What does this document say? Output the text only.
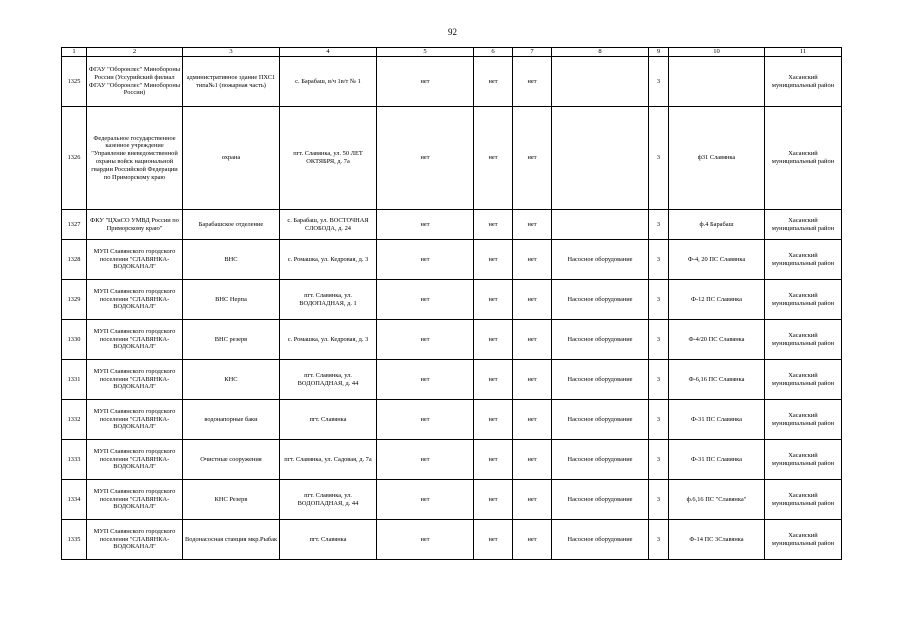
92
1	2	3	4	5	6	7	8	9	10	11
1325	ФГАУ "Оборонлес" Минобороны России (Уссурийский филиал ФГАУ "Оборонлес" Минобороны России)	административное здание ПХС1 типа№1 (пожарная часть)	с. Барабаш, в/ч 1в/т № 1	нет	нет	нет		3		Хасанский муниципальный район
1326	Федеральное государственное казенное учреждение "Управление вневедомственной охраны войск национальной гвардии Российской Федерации по Приморскому краю	охрана	пгт. Славянка, ул. 50 ЛЕТ ОКТЯБРЯ, д. 7а	нет	нет	нет		3	ф31 Славянка	Хасанский муниципальный район
1327	ФКУ "ЦХиСО УМВД России по Приморскому краю"	Барабашское отделение	с. Барабаш, ул. ВОСТОЧНАЯ СЛОБОДА, д. 24	нет	нет	нет		3	ф.4 Барабаш	Хасанский муниципальный район
1328	МУП Славянского городского поселения "СЛАВЯНКА-ВОДОКАНАЛ"	ВНС	с. Ромашка, ул. Кедровая, д. 3	нет	нет	нет	Насосное оборудование	3	Ф-4, 20 ПС Славянка	Хасанский муниципальный район
1329	МУП Славянского городского поселения "СЛАВЯНКА-ВОДОКАНАЛ"	ВНС Нерпа	пгт. Славянка, ул. ВОДОПАДНАЯ, д. 1	нет	нет	нет	Насосное оборудование	3	Ф-12 ПС Славянка	Хасанский муниципальный район
1330	МУП Славянского городского поселения "СЛАВЯНКА-ВОДОКАНАЛ"	ВНС резерв	с. Ромашка, ул. Кедровая, д. 3	нет	нет	нет	Насосное оборудование	3	Ф-4/20 ПС Славянка	Хасанский муниципальный район
1331	МУП Славянского городского поселения "СЛАВЯНКА-ВОДОКАНАЛ"	КНС	пгт. Славянка, ул. ВОДОПАДНАЯ, д. 44	нет	нет	нет	Насосное оборудование	3	Ф-6,16 ПС Славянка	Хасанский муниципальный район
1332	МУП Славянского городского поселения "СЛАВЯНКА-ВОДОКАНАЛ"	водонапорные баки	пгт. Славянка	нет	нет	нет	Насосное оборудование	3	Ф-31 ПС Славянка	Хасанский муниципальный район
1333	МУП Славянского городского поселения "СЛАВЯНКА-ВОДОКАНАЛ"	Очистные сооружения	пгт. Славянка, ул. Садовая, д. 7а	нет	нет	нет	Насосное оборудование	3	Ф-31 ПС Славянка	Хасанский муниципальный район
1334	МУП Славянского городского поселения "СЛАВЯНКА-ВОДОКАНАЛ"	КНС Резерв	пгт. Славянка, ул. ВОДОПАДНАЯ, д. 44	нет	нет	нет	Насосное оборудование	3	ф.6,16 ПС "Славянка"	Хасанский муниципальный район
1335	МУП Славянского городского поселения "СЛАВЯНКА-ВОДОКАНАЛ"	Водонасосная станция мкр.Рыбак	пгт. Славянка	нет	нет	нет	Насосное оборудование	3	Ф-14 ПС 3Славянка	Хасанский муниципальный район
